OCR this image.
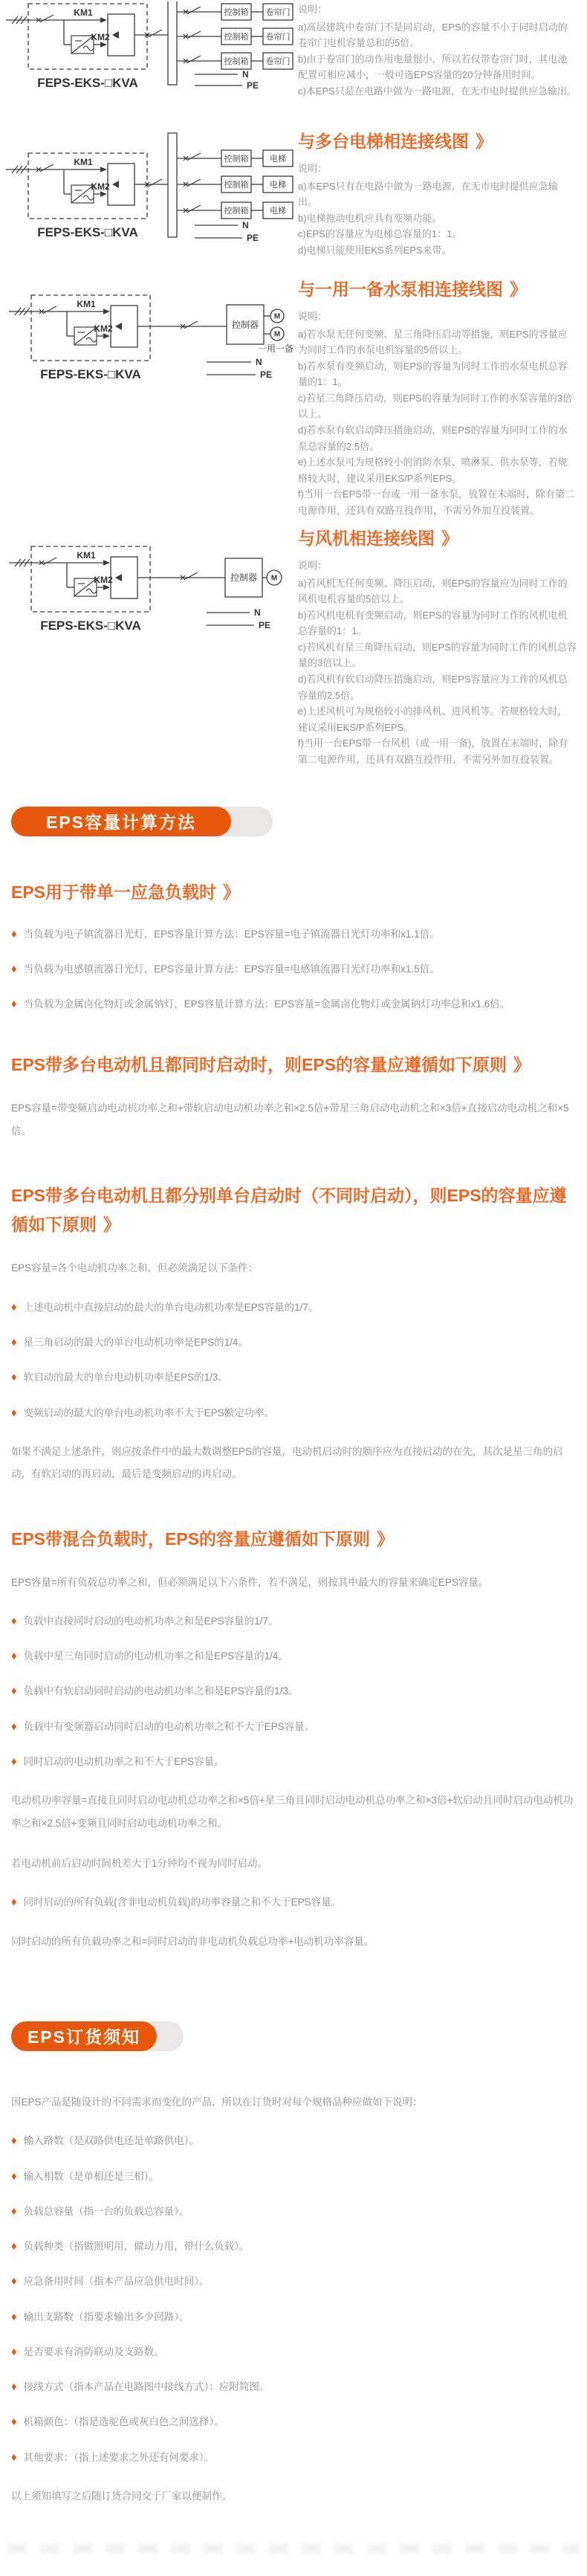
控制箱 卷帘门
控制箱 卷帘门
控制箱 卷帘门
N
PE
说明：
a)高层建筑中卷帘门不是同启动，EPS的容量不小于同时启动的卷帘门电机容量总和的5倍。
b)由于卷帘门的动作用电量很小，所以若仅带卷帘门时，其电池配置可相应减小，一般可选EPS容量的20分钟备用时间。
c)本EPS只是在电路中做为一路电源，在无市电时提供应急输出。
控制箱	电梯
控制箱	电梯
控制箱	电梯
N
PE
与多台电梯相连接线图 》
说明：
a)本EPS只有在电路中做为一路电源，在无市电时提供应急输出。
b)电梯拖动电机应具有变频功能。
c)EPS的容量应为电梯总容量的1：1。
d)电梯只能使用EKS系列EPS来带。
控制器
M
M
一用一备
N
PE
与一用一备水泵相连接线图 》
说明：
a)若水泵无任何变频、星三角降压启动等措施，则EPS的容量应为同时工作的水泵电机容量的5倍以上。
b)若水泵有变频启动，则EPS的容量为同时工作的水泵电机总容量的1：1。
c)若星三角降压启动，则EPS的容量为同时工作的水泵容量的3倍以上。
d)若水泵有软启动降压措施启动，则EPS的容量为同时工作的水泵总容量的2.5倍。
e)上述水泵可为规格较小的消防水泵、喷淋泵、供水泵等，若规格较大时，建议采用EKS/P系列EPS。
f)当用一台EPS带一台或一用一备水泵，放置在末端时，除有第二电源作用，还具有双路互投作用，不需另外加互投装置。
控制器 M
N
PE
与风机相连接线图 》
说明：
a)若风机无任何变频、降压启动，则EPS的容量应为同时工作的风机电机容量的5倍以上。
b)若风机电机有变频启动，则EPS的容量为同时工作的风机电机总容量的1：1。
c)若风机有星三角降压启动，则EPS的容量为同时工作的风机总容量的3倍以上。
d)若风机有软启动降压措施启动，则EPS容量应为工作的风机总容量的2.5倍。
e)上述风机可为规格较小的排风机、进风机等。若规格较大时，建议采用EKS/P系列EPS。
f)当用一台EPS带一台风机（或一用一备)，放置在末端时，除有第二电源作用，还具有双路互投作用，不需另外加互投装置。
EPS容量计算方法
EPS用于带单一应急负载时 》
♦ 当负载为电子镇流器日光灯，EPS容量计算方法：EPS容量=电子镇流器日光灯功率和x1.1倍。
♦ 当负载为电感镇流器日光灯，EPS容量计算方法：EPS容量=电感镇流器日光灯功率和x1.5倍。
♦ 当负载为金属卤化物灯或金属钠灯，EPS容量计算方法：EPS容量=金属卤化物灯或金属钠灯功率总和x1.6倍。
EPS带多台电动机且都同时启动时，则EPS的容量应遵循如下原则 》

EPS容量=带变频启动电动机功率之和+带软启动电动机功率之和×2.5倍+带星三角启动电动机之和×3倍+直接启动电动机之和×5倍。

EPS带多台电动机且都分别单台启动时（不同时启动），则EPS的容量应遵循如下原则 》

EPS容量=各个电动机功率之和，但必须满足以下条件：

♦ 上述电动机中直接启动的最大的单台电动机功率是EPS容量的1/7。
♦ 星三角启动的最大的单台电动机功率是EPS的1/4。
♦ 软启动的最大的单台电动机功率是EPS的1/3。
♦ 变频启动的最大的单台电动机功率不大于EPS额定功率。

如果不满足上述条件，则应按条件中的最大数调整EPS的容量，电动机启动时的顺序应为直接启动的在先，其次是星三角的启动，有软启动的再启动，最后是变频启动的再启动。

EPS带混合负载时，EPS的容量应遵循如下原则 》

EPS容量=所有负载总功率之和，但必须满足以下六条件，若不满足，则按其中最大的容量来确定EPS容量。

♦ 负载中直接同时启动的电动机功率之和是EPS容量的1/7。
♦ 负载中星三角同时启动的电动机功率之和是EPS容量的1/4。
♦ 负载中有软启动同时启动的电动机功率之和是EPS容量的1/3。
♦ 负载中有变频器启动同时启动的电动机功率之和不大于EPS容量。
♦ 同时启动的电动机功率之和不大于EPS容量。

电动机功率容量=直接且同时启动电动机总功率之和×5倍+星三角且同时启动电动机总功率之和×3倍+软启动且同时启动电动机功率之和×2.5倍+变频且同时启动电动机功率之和。

若电动机前后启动时间机差大于1分钟均不视为同时启动。

♦ 同时启动的所有负载(含非电动机负载)的功率容量之和不大于EPS容量。

同时启动的所有负载功率之和=同时启动的非电动机负载总功率+电动机功率容量。

EPS订货须知

因EPS产品是随设计的不同需求而变化的产品，所以在订货时对每个规格品种应做如下说明：

♦ 输入路数（是双路供电还是单路供电）。
♦ 输入相数（是单相还是三相）。
♦ 负载总容量（指一台的负载总容量）。
♦ 负载种类（指做照明用，做动力用，带什么负载）。
♦ 应急备用时间（指本产品应急供电时间）。
♦ 输出支路数（指要求输出多少回路）。
♦ 是否要求有消防联动及支路数。
♦ 接线方式（指本产品在电路图中接线方式）：应附简图。
♦ 机箱颜色：（指是选驼色或灰白色之间选择）。
♦ 其他要求：（指上述要求之外还有何要求）。

以上须知填写之后随订货合同交于厂家以便制作。
